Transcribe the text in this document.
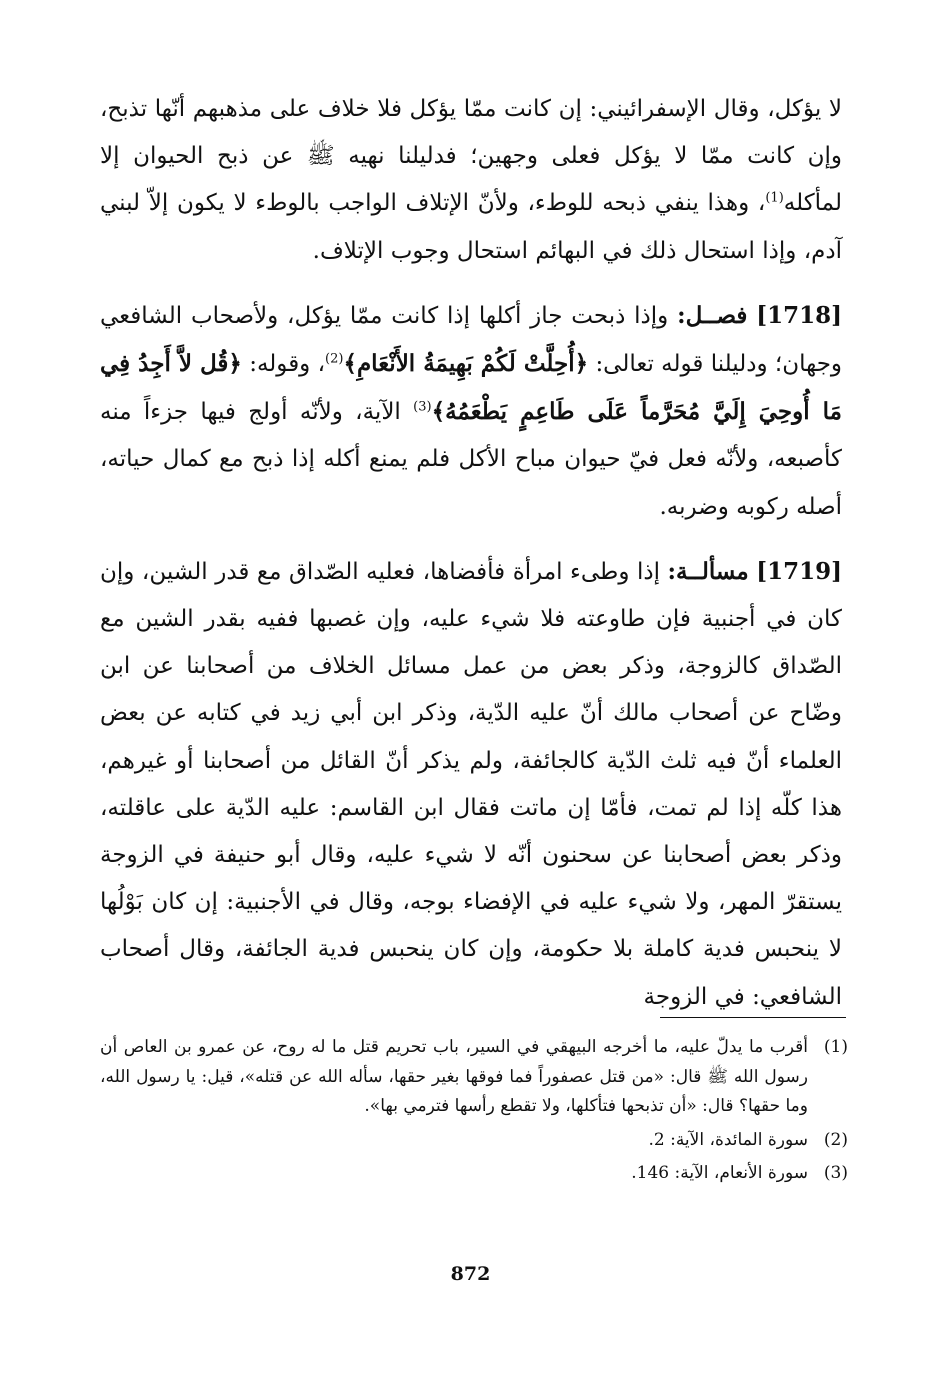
لا يؤكل، وقال الإسفرائيني: إن كانت ممّا يؤكل فلا خلاف على مذهبهم أنّها تذبح، وإن كانت ممّا لا يؤكل فعلى وجهين؛ فدليلنا نهيه ﷺ عن ذبح الحيوان إلا لمأكله$^{(1)}$، وهذا ينفي ذبحه للوطء، ولأنّ الإتلاف الواجب بالوطء لا يكون إلاّ لبني آدم، وإذا استحال ذلك في البهائم استحال وجوب الإتلاف.

[1718] فصــل: وإذا ذبحت جاز أكلها إذا كانت ممّا يؤكل، ولأصحاب الشافعي وجهان؛ ودليلنا قوله تعالى: ﴿أُحِلَّتْ لَكُمْ بَهِيمَةُ الأَنْعَامِ﴾$^{(2)}$، وقوله: ﴿قُل لاَّ أَجِدُ فِي مَا أُوحِيَ إِلَيَّ مُحَرَّماً عَلَى طَاعِمٍ يَطْعَمُهُ﴾$^{(3)}$ الآية، ولأنّه أولج فيها جزءاً منه كأصبعه، ولأنّه فعل فيّ حيوان مباح الأكل فلم يمنع أكله إذا ذبح مع كمال حياته، أصله ركوبه وضربه.

[1719] مسألــة: إذا وطىء امرأة فأفضاها، فعليه الصّداق مع قدر الشين، وإن كان في أجنبية فإن طاوعته فلا شيء عليه، وإن غصبها ففيه بقدر الشين مع الصّداق كالزوجة، وذكر بعض من عمل مسائل الخلاف من أصحابنا عن ابن وضّاح عن أصحاب مالك أنّ عليه الدّية، وذكر ابن أبي زيد في كتابه عن بعض العلماء أنّ فيه ثلث الدّية كالجائفة، ولم يذكر أنّ القائل من أصحابنا أو غيرهم، هذا كلّه إذا لم تمت، فأمّا إن ماتت فقال ابن القاسم: عليه الدّية على عاقلته، وذكر بعض أصحابنا عن سحنون أنّه لا شيء عليه، وقال أبو حنيفة في الزوجة يستقرّ المهر، ولا شيء عليه في الإفضاء بوجه، وقال في الأجنبية: إن كان بَوْلُها لا ينحبس فدية كاملة بلا حكومة، وإن كان ينحبس فدية الجائفة، وقال أصحاب الشافعي: في الزوجة

(1)
أقرب ما يدلّ عليه، ما أخرجه البيهقي في السير، باب تحريم قتل ما له روح، عن عمرو بن العاص أن رسول الله ﷺ قال: «من قتل عصفوراً فما فوقها بغير حقها، سأله الله عن قتله»، قيل: يا رسول الله، وما حقها؟ قال: «أن تذبحها فتأكلها، ولا تقطع رأسها فترمي بها».
(2)
سورة المائدة، الآية: 2.
(3)
سورة الأنعام، الآية: 146.
872
